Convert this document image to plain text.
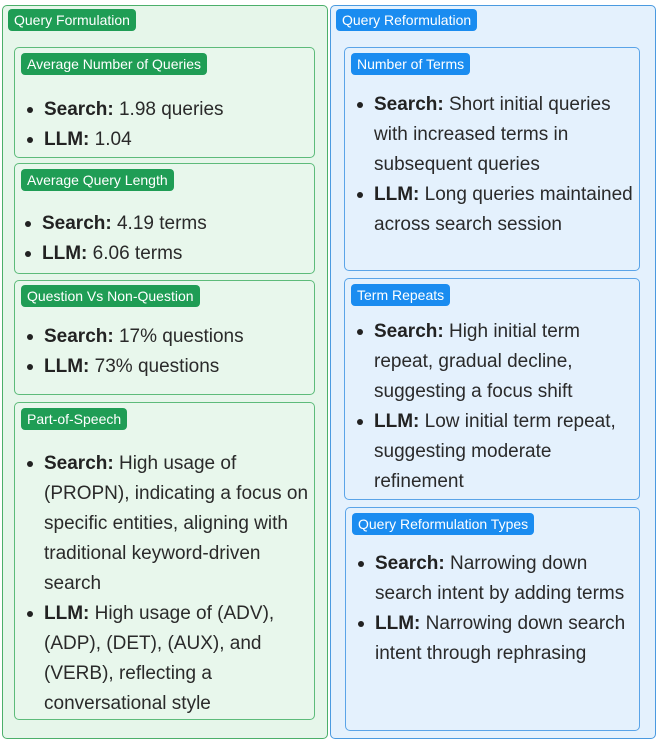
Query Formulation
Average Number of Queries
Search: 1.98 queries
LLM: 1.04
Average Query Length
Search: 4.19 terms
LLM: 6.06 terms
Question Vs Non-Question
Search: 17% questions
LLM: 73% questions
Part-of-Speech
Search: High usage of (PROPN), indicating a focus on specific entities, aligning with traditional keyword-driven search
LLM: High usage of (ADV), (ADP), (DET), (AUX), and (VERB), reflecting a conversational style
Query Reformulation
Number of Terms
Search: Short initial queries with increased terms in subsequent queries
LLM: Long queries maintained across search session
Term Repeats
Search: High initial term repeat, gradual decline, suggesting a focus shift
LLM: Low initial term repeat, suggesting moderate refinement
Query Reformulation Types
Search: Narrowing down search intent by adding terms
LLM: Narrowing down search intent through rephrasing
